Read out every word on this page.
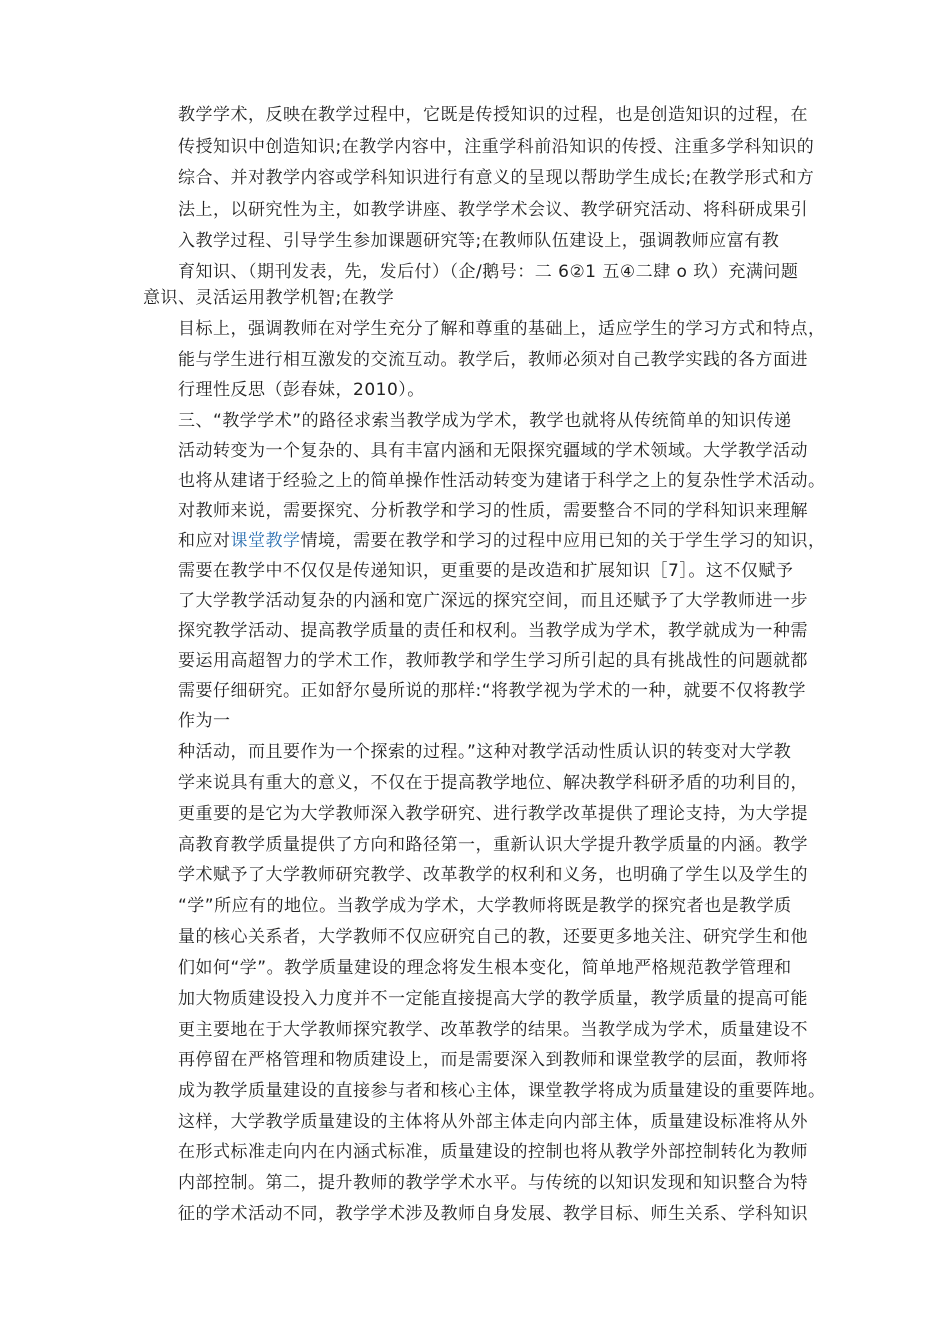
教学学术，反映在教学过程中，它既是传授知识的过程，也是创造知识的过程，在
传授知识中创造知识;在教学内容中，注重学科前沿知识的传授、注重多学科知识的
综合、并对教学内容或学科知识进行有意义的呈现以帮助学生成长;在教学形式和方
法上，以研究性为主，如教学讲座、教学学术会议、教学研究活动、将科研成果引
入教学过程、引导学生参加课题研究等;在教师队伍建设上，强调教师应富有教
育知识、（期刊发表，先，发后付）（企/鹅号：二 6②1 五④二肆 o 玖）充满问题
意识、灵活运用教学机智;在教学
目标上，强调教师在对学生充分了解和尊重的基础上，适应学生的学习方式和特点，
能与学生进行相互激发的交流互动。教学后，教师必须对自己教学实践的各方面进
行理性反思（彭春妹，2010）。
三、“教学学术”的路径求索当教学成为学术，教学也就将从传统简单的知识传递
活动转变为一个复杂的、具有丰富内涵和无限探究疆域的学术领域。大学教学活动
也将从建诸于经验之上的简单操作性活动转变为建诸于科学之上的复杂性学术活动。
对教师来说，需要探究、分析教学和学习的性质，需要整合不同的学科知识来理解
和应对课堂教学情境，需要在教学和学习的过程中应用已知的关于学生学习的知识，
需要在教学中不仅仅是传递知识，更重要的是改造和扩展知识［7］。这不仅赋予
了大学教学活动复杂的内涵和宽广深远的探究空间，而且还赋予了大学教师进一步
探究教学活动、提高教学质量的责任和权利。当教学成为学术，教学就成为一种需
要运用高超智力的学术工作，教师教学和学生学习所引起的具有挑战性的问题就都
需要仔细研究。正如舒尔曼所说的那样:“将教学视为学术的一种，就要不仅将教学
作为一
种活动，而且要作为一个探索的过程。”这种对教学活动性质认识的转变对大学教
学来说具有重大的意义，不仅在于提高教学地位、解决教学科研矛盾的功利目的，
更重要的是它为大学教师深入教学研究、进行教学改革提供了理论支持，为大学提
高教育教学质量提供了方向和路径第一，重新认识大学提升教学质量的内涵。教学
学术赋予了大学教师研究教学、改革教学的权利和义务，也明确了学生以及学生的
“学”所应有的地位。当教学成为学术，大学教师将既是教学的探究者也是教学质
量的核心关系者，大学教师不仅应研究自己的教，还要更多地关注、研究学生和他
们如何“学”。教学质量建设的理念将发生根本变化，简单地严格规范教学管理和
加大物质建设投入力度并不一定能直接提高大学的教学质量，教学质量的提高可能
更主要地在于大学教师探究教学、改革教学的结果。当教学成为学术，质量建设不
再停留在严格管理和物质建设上，而是需要深入到教师和课堂教学的层面，教师将
成为教学质量建设的直接参与者和核心主体，课堂教学将成为质量建设的重要阵地。
这样，大学教学质量建设的主体将从外部主体走向内部主体，质量建设标准将从外
在形式标准走向内在内涵式标准，质量建设的控制也将从教学外部控制转化为教师
内部控制。第二，提升教师的教学学术水平。与传统的以知识发现和知识整合为特
征的学术活动不同，教学学术涉及教师自身发展、教学目标、师生关系、学科知识
